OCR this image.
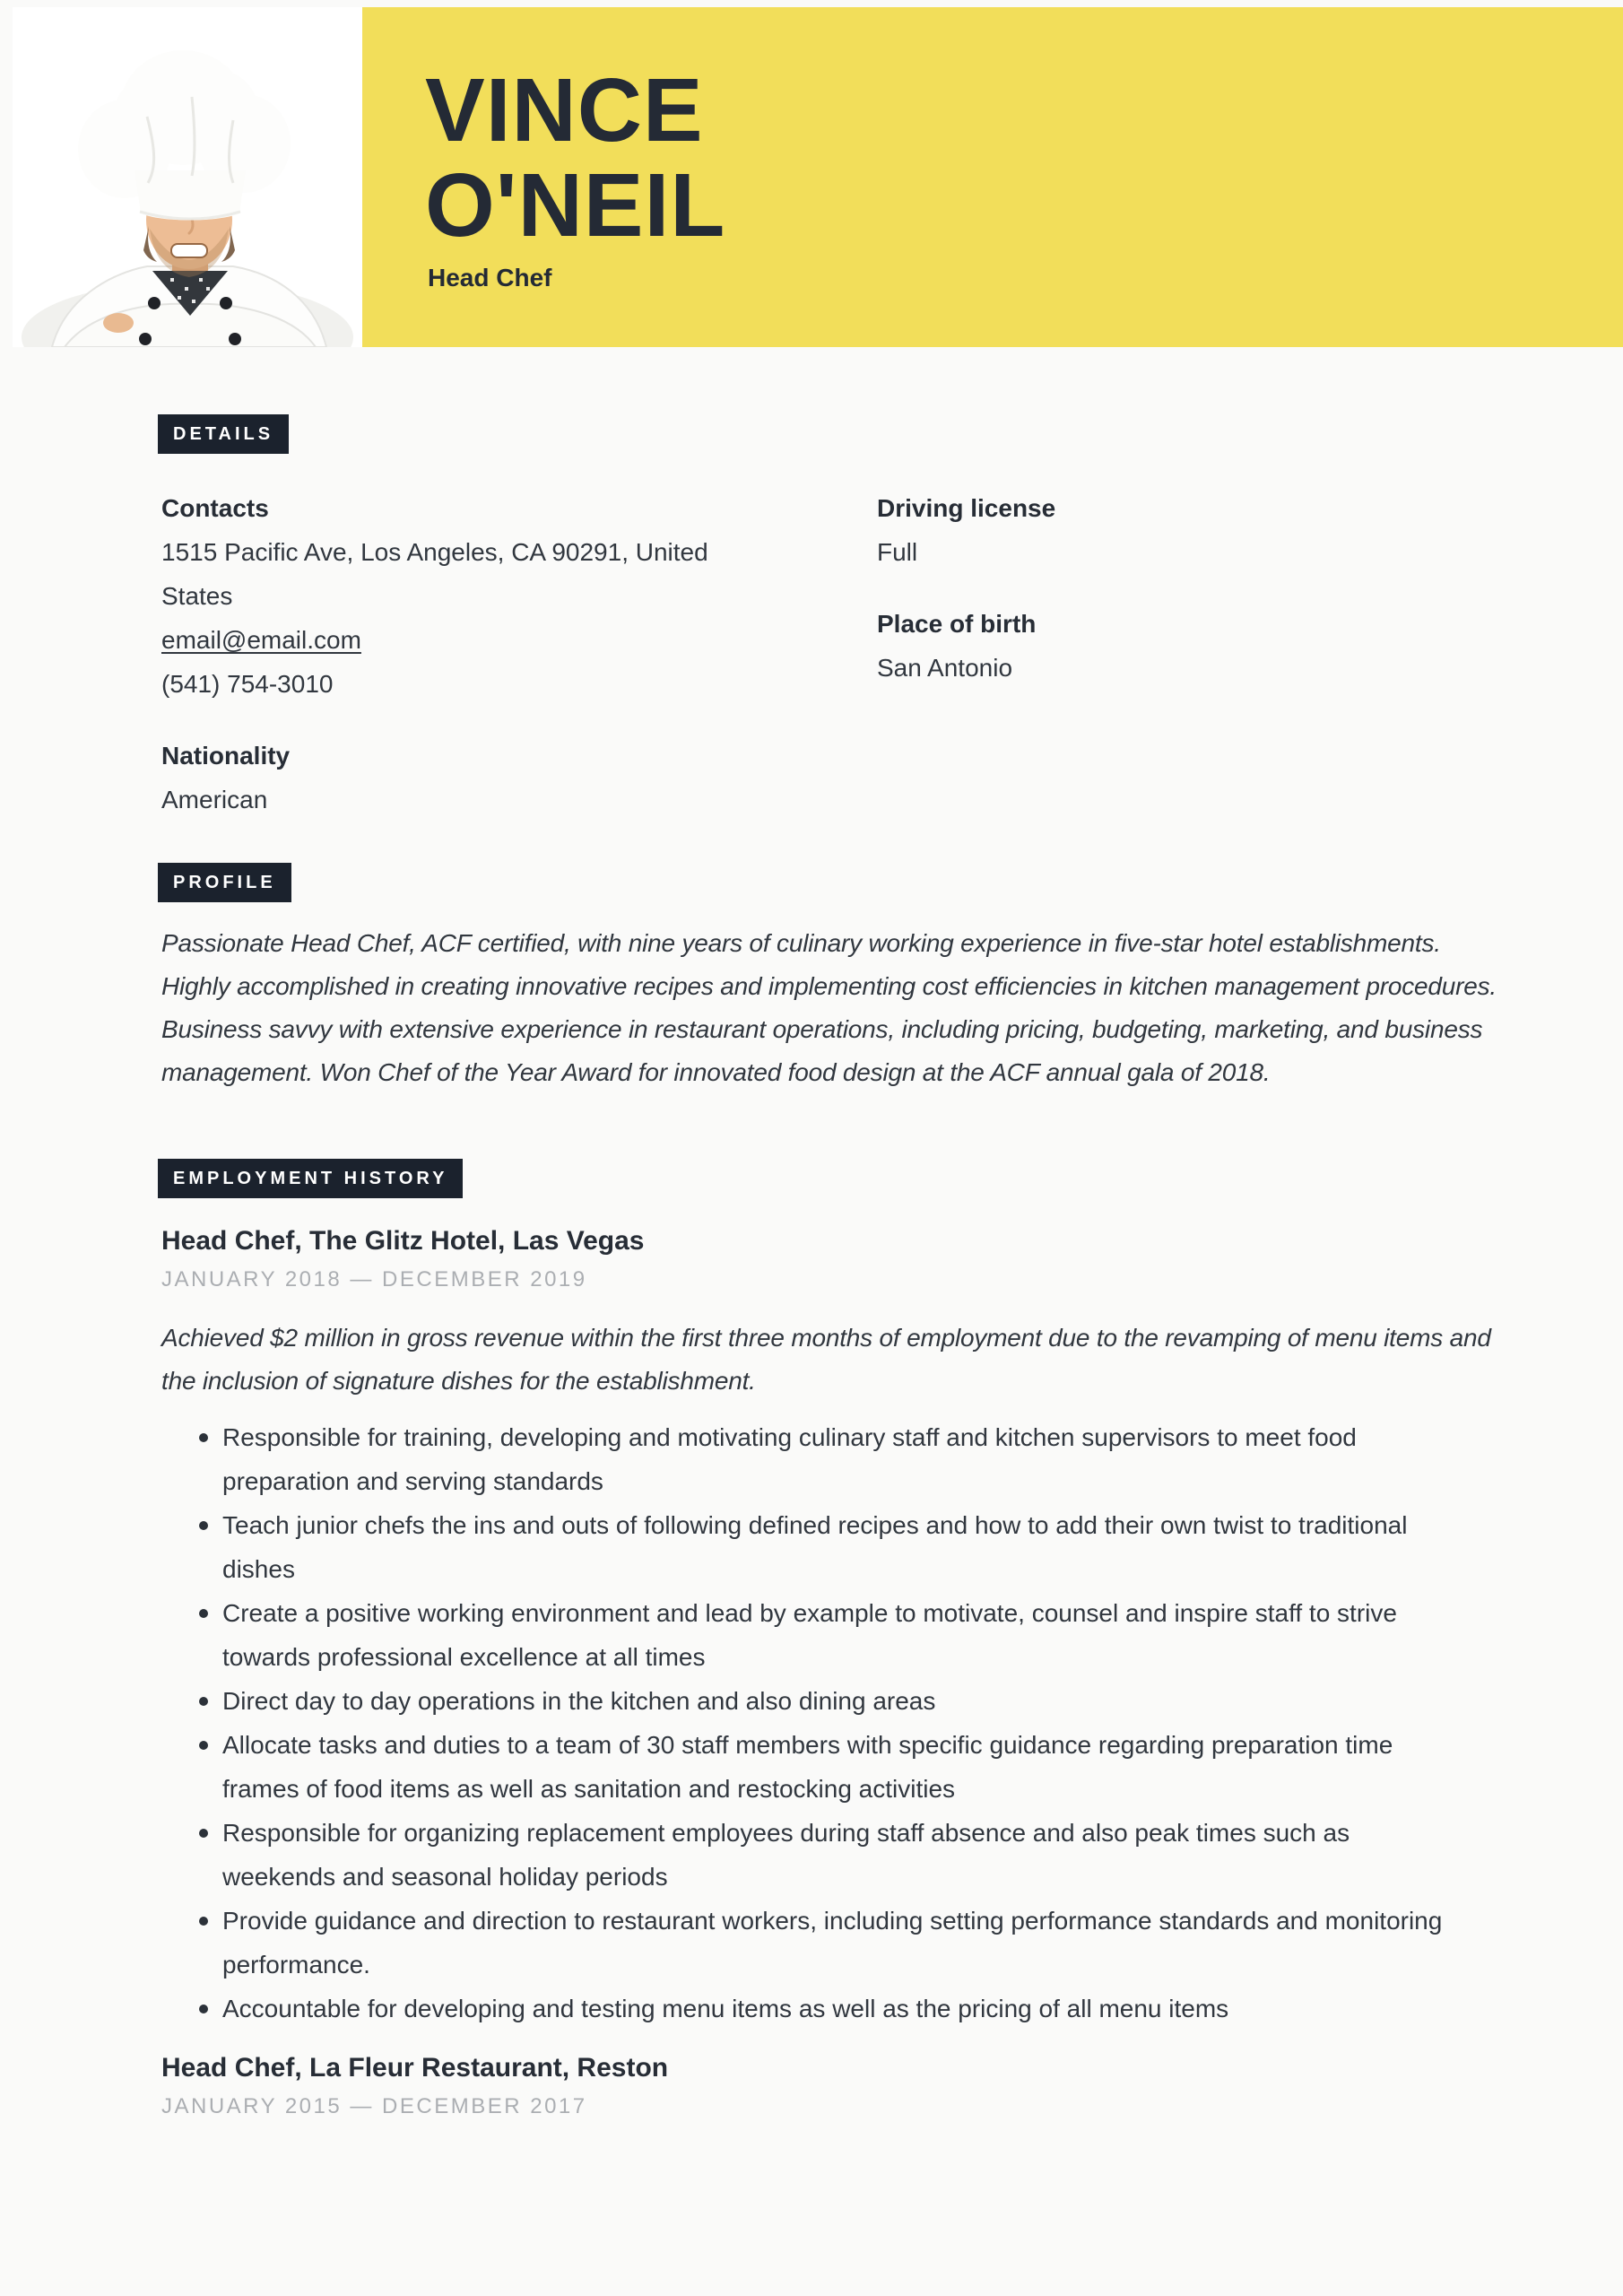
VINCE
O'NEIL
Head Chef
DETAILS
Contacts
1515 Pacific Ave, Los Angeles, CA 90291, United States
email@email.com
(541) 754-3010
Nationality
American
Driving license
Full
Place of birth
San Antonio
PROFILE
Passionate Head Chef, ACF certified, with nine years of culinary working experience in five-star hotel establishments. Highly accomplished in creating innovative recipes and implementing cost efficiencies in kitchen management procedures. Business savvy with extensive experience in restaurant operations, including pricing, budgeting, marketing, and business management. Won Chef of the Year Award for innovated food design at the ACF annual gala of 2018.
EMPLOYMENT HISTORY
Head Chef, The Glitz Hotel, Las Vegas
JANUARY 2018 — DECEMBER 2019
Achieved $2 million in gross revenue within the first three months of employment due to the revamping of menu items and the inclusion of signature dishes for the establishment.
Responsible for training, developing and motivating culinary staff and kitchen supervisors to meet food preparation and serving standards
Teach junior chefs the ins and outs of following defined recipes and how to add their own twist to traditional dishes
Create a positive working environment and lead by example to motivate, counsel and inspire staff to strive towards professional excellence at all times
Direct day to day operations in the kitchen and also dining areas
Allocate tasks and duties to a team of 30 staff members with specific guidance regarding preparation time frames of food items as well as sanitation and restocking activities
Responsible for organizing replacement employees during staff absence and also peak times such as weekends and seasonal holiday periods
Provide guidance and direction to restaurant workers, including setting performance standards and monitoring performance.
Accountable for developing and testing menu items as well as the pricing of all menu items
Head Chef, La Fleur Restaurant, Reston
JANUARY 2015 — DECEMBER 2017
